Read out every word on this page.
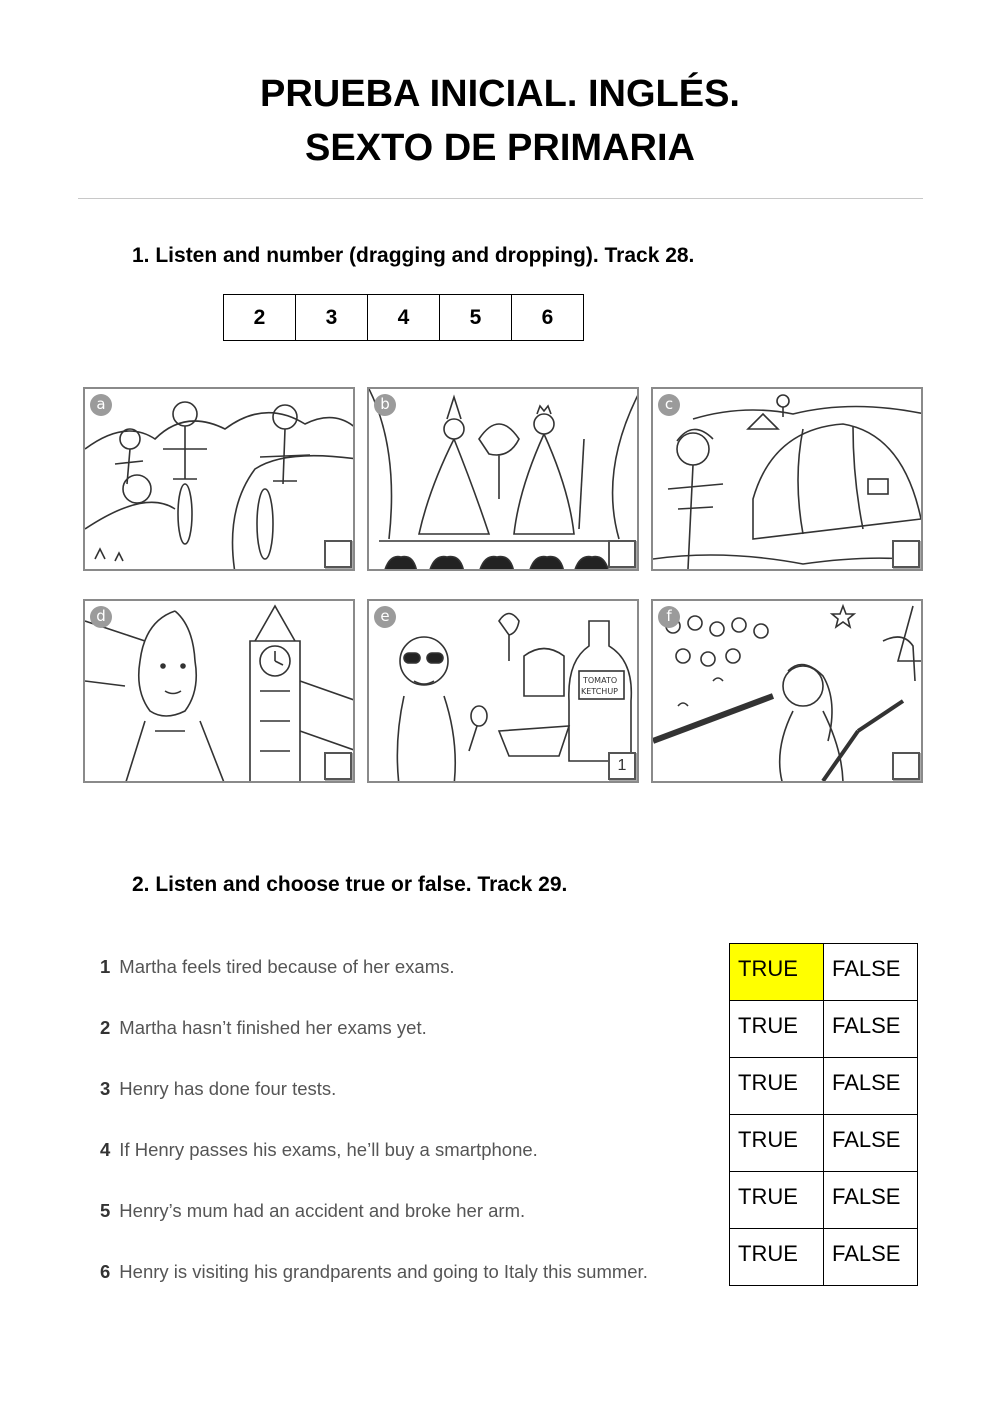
PRUEBA INICIAL. INGLÉS.
SEXTO DE PRIMARIA
1. Listen and number (dragging and dropping). Track 28.
2	3	4	5	6
a	b	c
d
TOMATO
KETCHUP
e
1
f
2. Listen and choose true or false. Track 29.
1 Martha feels tired because of her exams.
2 Martha hasn’t finished her exams yet.
3 Henry has done four tests.
4 If Henry passes his exams, he’ll buy a smartphone.
5 Henry’s mum had an accident and broke her arm.
6 Henry is visiting his grandparents and going to Italy this summer.
TRUE	FALSE
TRUE	FALSE
TRUE	FALSE
TRUE	FALSE
TRUE	FALSE
TRUE	FALSE
